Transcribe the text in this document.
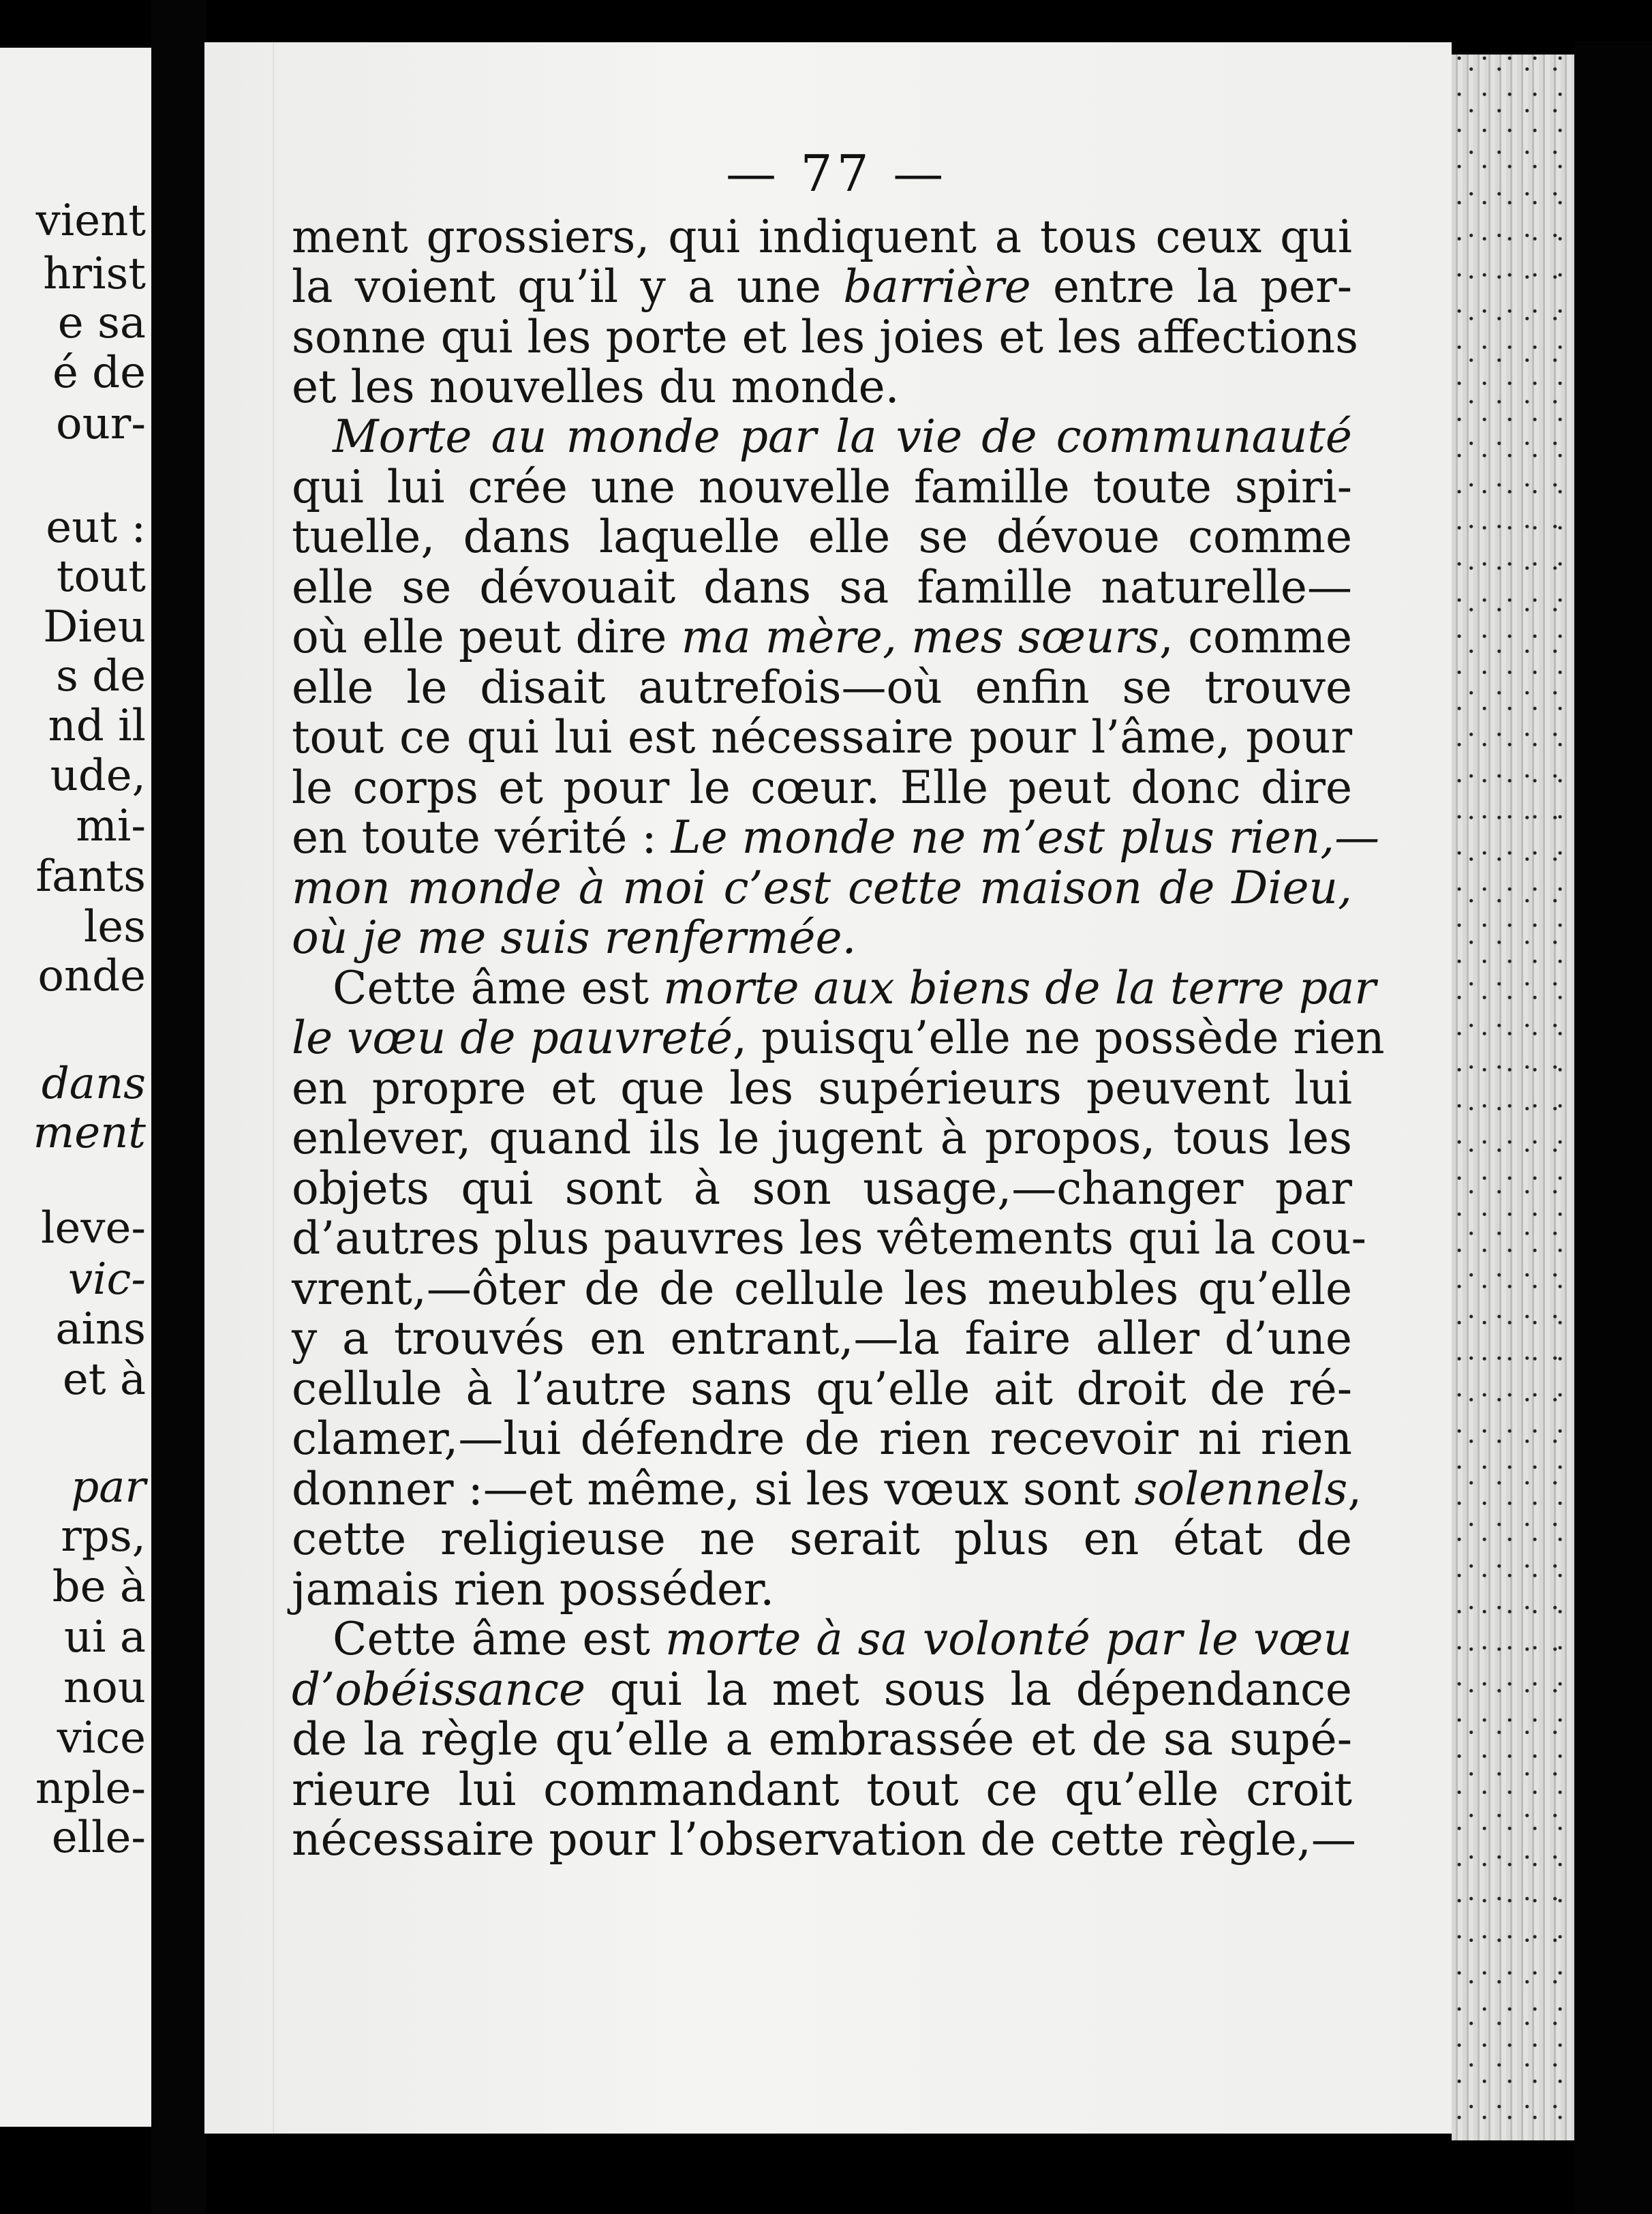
vient
hrist
e sa
é de
our-
eut :
tout
Dieu
s de
nd il
ude,
mi-
fants
les
onde
dans
ment
leve-
vic-
ains
et à
par
rps,
be à
ui a
nou
vice
nple-
elle-
— 77 —
ment grossiers, qui indiquent a tous ceux qui
la voient qu’il y a une barrière entre la per-
sonne qui les porte et les joies et les affections
et les nouvelles du monde.
Morte au monde par la vie de communauté
qui lui crée une nouvelle famille toute spiri-
tuelle, dans laquelle elle se dévoue comme
elle se dévouait dans sa famille naturelle—
où elle peut dire ma mère, mes sœurs, comme
elle le disait autrefois—où enfin se trouve
tout ce qui lui est nécessaire pour l’âme, pour
le corps et pour le cœur. Elle peut donc dire
en toute vérité : Le monde ne m’est plus rien,—
mon monde à moi c’est cette maison de Dieu,
où je me suis renfermée.
Cette âme est morte aux biens de la terre par
le vœu de pauvreté, puisqu’elle ne possède rien
en propre et que les supérieurs peuvent lui
enlever, quand ils le jugent à propos, tous les
objets qui sont à son usage,—changer par
d’autres plus pauvres les vêtements qui la cou-
vrent,—ôter de de cellule les meubles qu’elle
y a trouvés en entrant,—la faire aller d’une
cellule à l’autre sans qu’elle ait droit de ré-
clamer,—lui défendre de rien recevoir ni rien
donner :—et même, si les vœux sont solennels,
cette religieuse ne serait plus en état de
jamais rien posséder.
Cette âme est morte à sa volonté par le vœu
d’obéissance qui la met sous la dépendance
de la règle qu’elle a embrassée et de sa supé-
rieure lui commandant tout ce qu’elle croit
nécessaire pour l’observation de cette règle,—
